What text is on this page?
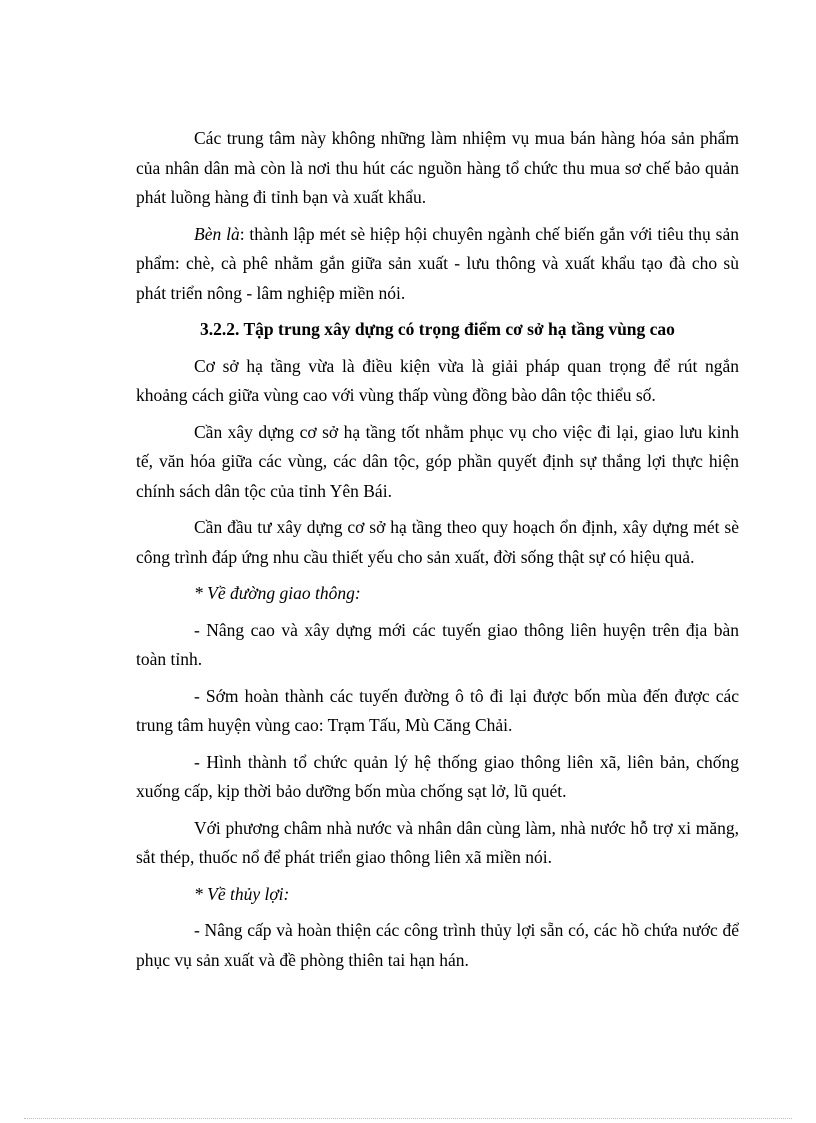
Các trung tâm này không những làm nhiệm vụ mua bán hàng hóa sản phẩm của nhân dân mà còn là nơi thu hút các nguồn hàng tổ chức thu mua sơ chế bảo quản phát luồng hàng đi tỉnh bạn và xuất khẩu.

Bèn là: thành lập mét sè hiệp hội chuyên ngành chế biến gắn với tiêu thụ sản phẩm: chè, cà phê nhằm gắn giữa sản xuất - lưu thông và xuất khẩu tạo đà cho sù phát triển nông - lâm nghiệp miền nói.

3.2.2. Tập trung xây dựng có trọng điểm cơ sở hạ tầng vùng cao

Cơ sở hạ tầng vừa là điều kiện vừa là giải pháp quan trọng để rút ngắn khoảng cách giữa vùng cao với vùng thấp vùng đồng bào dân tộc thiểu số.

Cần xây dựng cơ sở hạ tầng tốt nhằm phục vụ cho việc đi lại, giao lưu kinh tế, văn hóa giữa các vùng, các dân tộc, góp phần quyết định sự thắng lợi thực hiện chính sách dân tộc của tỉnh Yên Bái.

Cần đầu tư xây dựng cơ sở hạ tầng theo quy hoạch ổn định, xây dựng mét sè công trình đáp ứng nhu cầu thiết yếu cho sản xuất, đời sống thật sự có hiệu quả.

* Về đường giao thông:

- Nâng cao và xây dựng mới các tuyến giao thông liên huyện trên địa bàn toàn tỉnh.

- Sớm hoàn thành các tuyến đường ô tô đi lại được bốn mùa đến được các trung tâm huyện vùng cao: Trạm Tấu, Mù Căng Chải.

- Hình thành tổ chức quản lý hệ thống giao thông liên xã, liên bản, chống xuống cấp, kịp thời bảo dưỡng bốn mùa chống sạt lở, lũ quét.

Với phương châm nhà nước và nhân dân cùng làm, nhà nước hỗ trợ xi măng, sắt thép, thuốc nổ để phát triển giao thông liên xã miền nói.

* Về thủy lợi:

- Nâng cấp và hoàn thiện các công trình thủy lợi sẵn có, các hồ chứa nước để phục vụ sản xuất và đề phòng thiên tai hạn hán.
